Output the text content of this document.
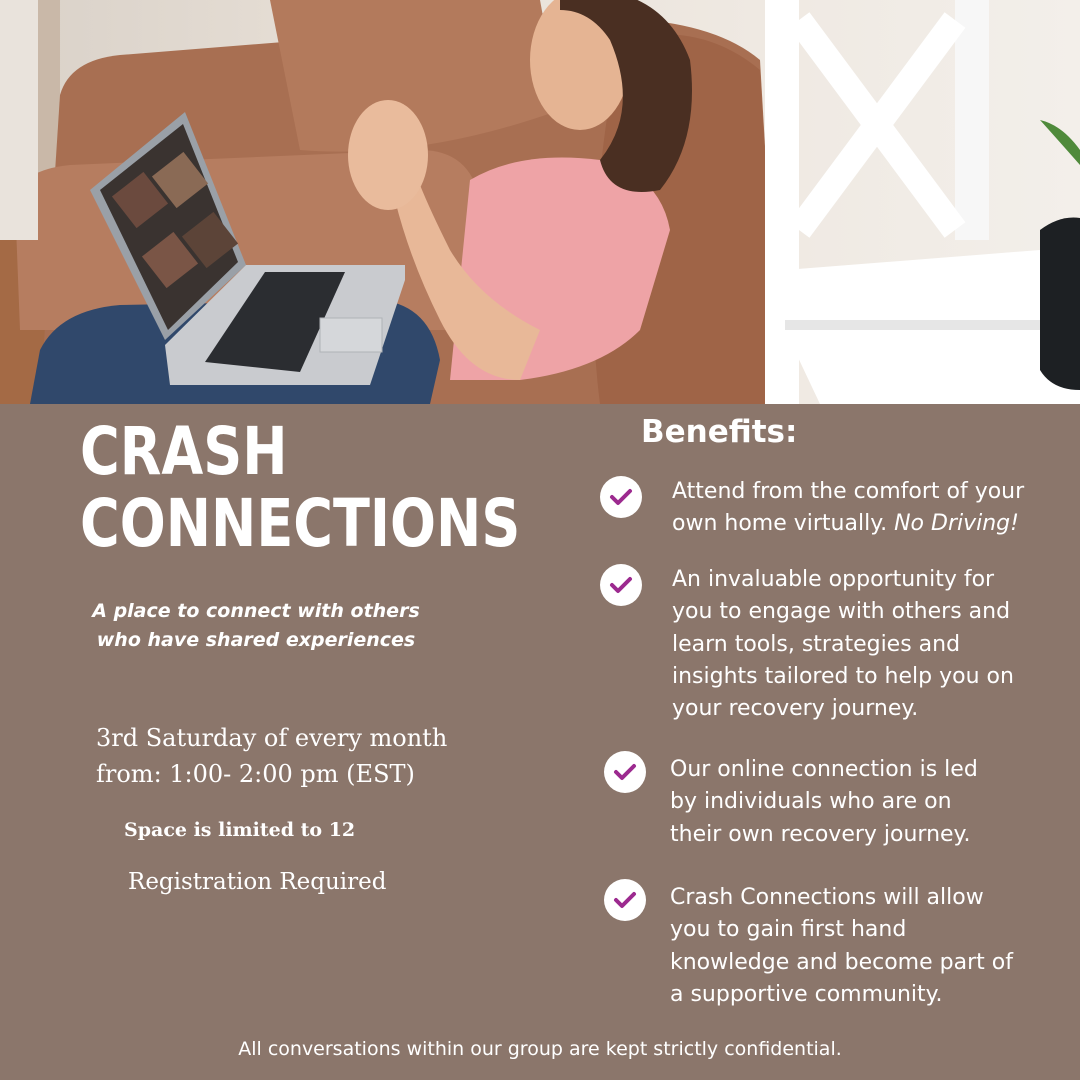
CRASH
CONNECTIONS
A place to connect with others
who have shared experiences
3rd Saturday of every month
from: 1:00- 2:00 pm (EST)
Space is limited to 12
Registration Required
Benefits:
Attend from the comfort of your
own home virtually. No Driving!
An invaluable opportunity for
you to engage with others and
learn tools, strategies and
insights tailored to help you on
your recovery journey.
Our online connection is led
by individuals who are on
their own recovery journey.
Crash Connections will allow
you to gain first hand
knowledge and become part of
a supportive community.
All conversations within our group are kept strictly confidential.
